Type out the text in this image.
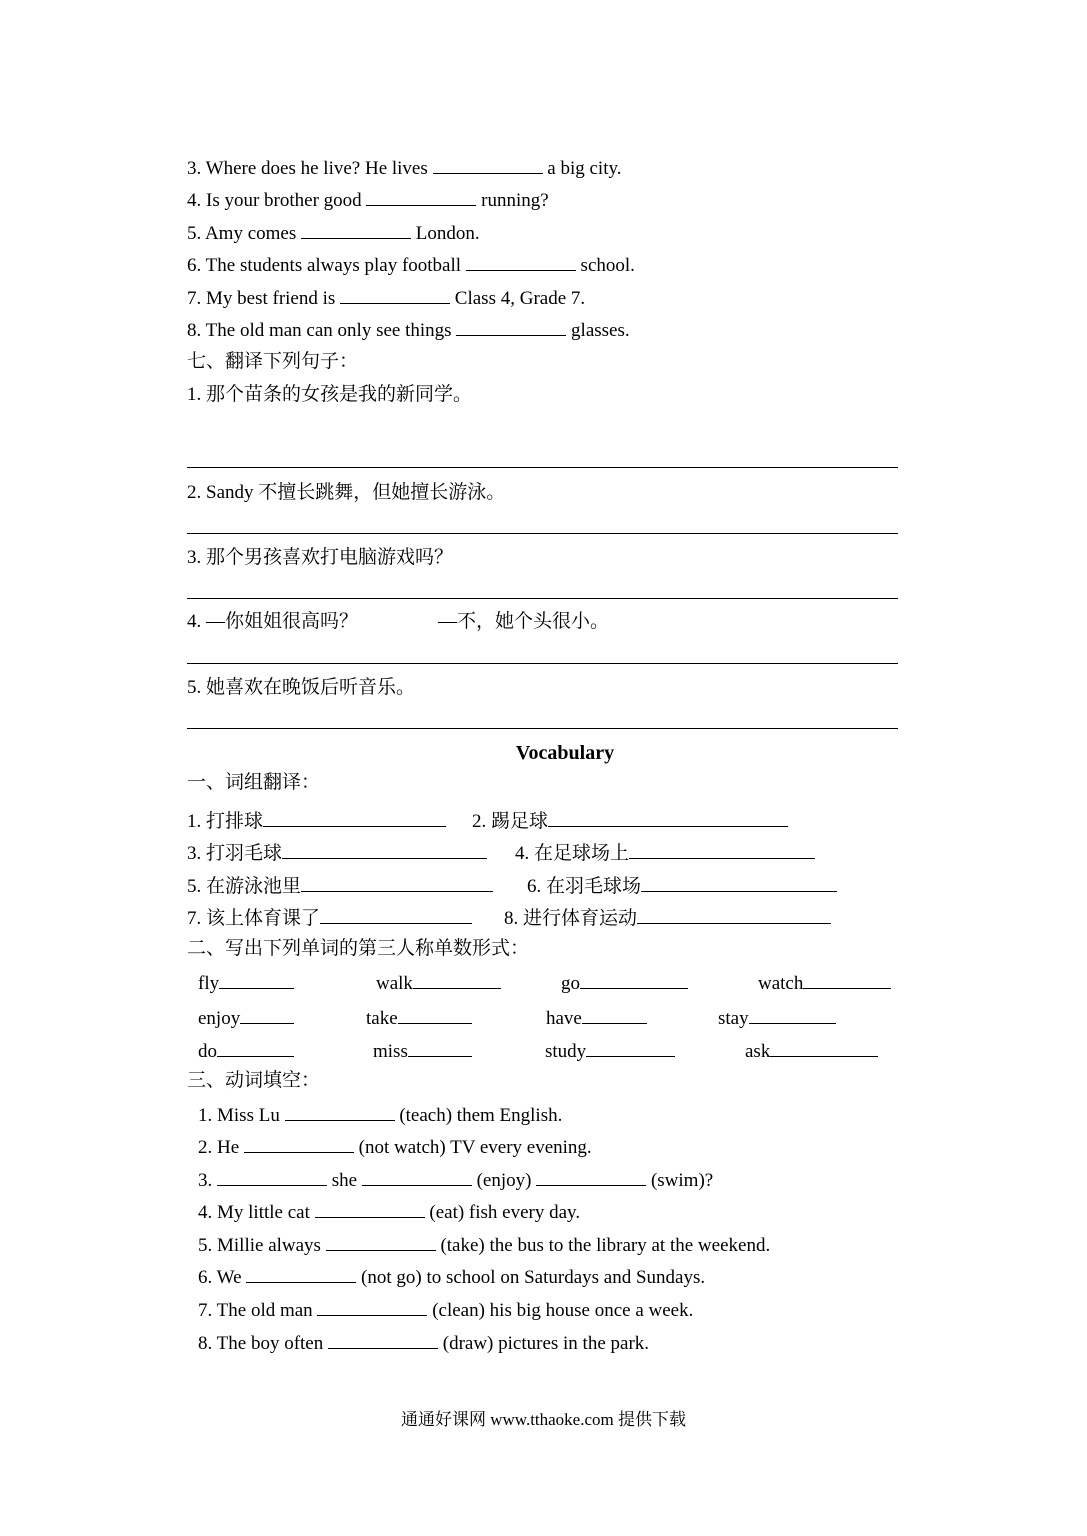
3. Where does he live? He lives	a big city.
4. Is your brother good	running?
5. Amy comes	London.
6. The students always play football	school.
7. My best friend is	Class 4, Grade 7.
8. The old man can only see things	glasses.
七、翻译下列句子：
1. 那个苗条的女孩是我的新同学。
2. Sandy 不擅长跳舞，但她擅长游泳。
3. 那个男孩喜欢打电脑游戏吗？
4. —你姐姐很高吗？	—不，她个头很小。
5. 她喜欢在晚饭后听音乐。
Vocabulary
一、词组翻译：
1. 打排球	2. 踢足球
3. 打羽毛球	4. 在足球场上
5. 在游泳池里	6. 在羽毛球场
7. 该上体育课了	8. 进行体育运动
二、写出下列单词的第三人称单数形式：
fly	walk	go	watch
enjoy	take	have	stay
do	miss	study	ask
三、动词填空：
1. Miss Lu	(teach) them English.
2. He	(not watch) TV every evening.
3.	she	(enjoy)	(swim)?
4. My little cat	(eat) fish every day.
5. Millie always	(take) the bus to the library at the weekend.
6. We	(not go) to school on Saturdays and Sundays.
7. The old man	(clean) his big house once a week.
8. The boy often	(draw) pictures in the park.
通通好课网 www.tthaoke.com 提供下载
